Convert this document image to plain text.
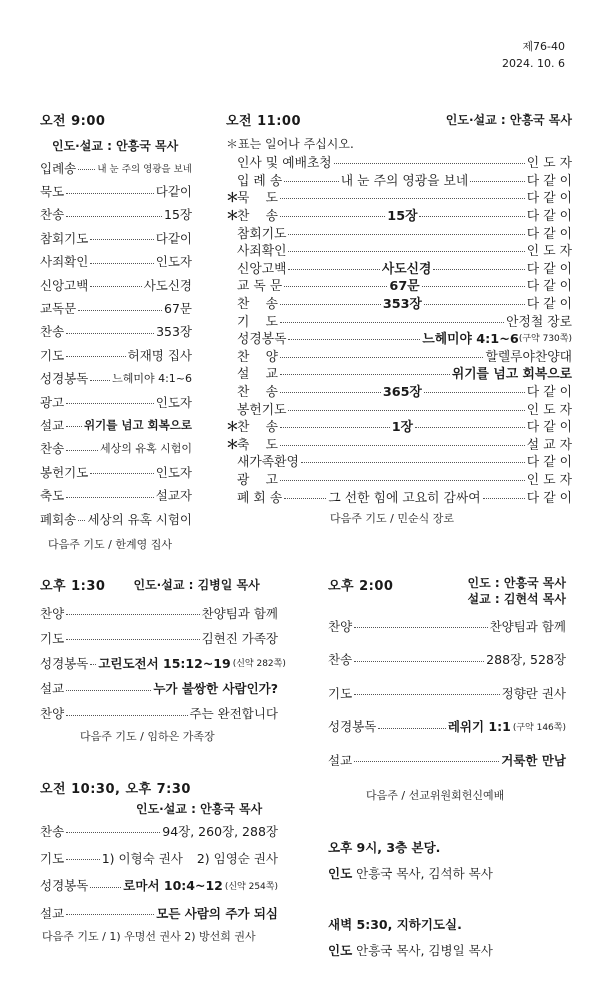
제76-40
2024. 10. 6
오전 9:00
인도·설교 : 안흥국 목사
입례송 내 눈 주의 영광을 보네
묵도	다같이
찬송	15장
참회기도	다같이
사죄확인	인도자
신앙고백	사도신경
교독문	67문
찬송	353장
기도	허재명 집사
성경봉독 느헤미야 4:1~6
광고	인도자
설교 위기를 넘고 회복으로
찬송	세상의 유혹 시험이
봉헌기도	인도자
축도	설교자
폐회송 세상의 유혹 시험이
다음주 기도 / 한계영 집사
오전 11:00	인도·설교 : 안흥국 목사
＊표는 일어나 주십시오.
인사 및 예배초청	인 도 자
입 례 송	내 눈 주의 영광을 보네	다 같 이
＊
묵    도	다 같 이
＊
찬    송	15장	다 같 이
참회기도	다 같 이
사죄확인	인 도 자
신앙고백	사도신경	다 같 이
교 독 문	67문	다 같 이
찬    송	353장	다 같 이
기    도	안정철 장로
성경봉독	느헤미야 4:1~6 (구약 730쪽)
찬    양	할렐루야찬양대
설    교	위기를 넘고 회복으로
찬    송	365장	다 같 이
봉헌기도	인 도 자
＊
찬    송	1장	다 같 이
＊
축    도	설 교 자
새가족환영	다 같 이
광    고	인 도 자
폐 회 송	그 선한 힘에 고요히 감싸여	다 같 이
다음주 기도 / 민순식 장로
오후 1:30 인도·설교 : 김병일 목사
찬양	찬양팀과 함께
기도	김현진 가족장
성경봉독 고린도전서 15:12~19 (신약 282쪽)
설교	누가 불쌍한 사람인가?
찬양	주는 완전합니다
다음주 기도 / 임하은 가족장
오후 2:00	인도 : 안흥국 목사
설교 : 김현석 목사
찬양	찬양팀과 함께
찬송	288장, 528장
기도	정향란 권사
성경봉독	레위기 1:1 (구약 146쪽)
설교	거룩한 만남
다음주 / 선교위원회헌신예배
오전 10:30, 오후 7:30
인도·설교 : 안흥국 목사
찬송	94장, 260장, 288장
기도	1) 이형숙 권사 2) 임영순 권사
성경봉독	로마서 10:4~12 (신약 254쪽)
설교	모든 사람의 주가 되심
다음주 기도 / 1) 우명선 권사 2) 방선희 권사
오후 9시, 3층 본당.
인도 안흥국 목사, 김석하 목사
새벽 5:30, 지하기도실.
인도 안흥국 목사, 김병일 목사
